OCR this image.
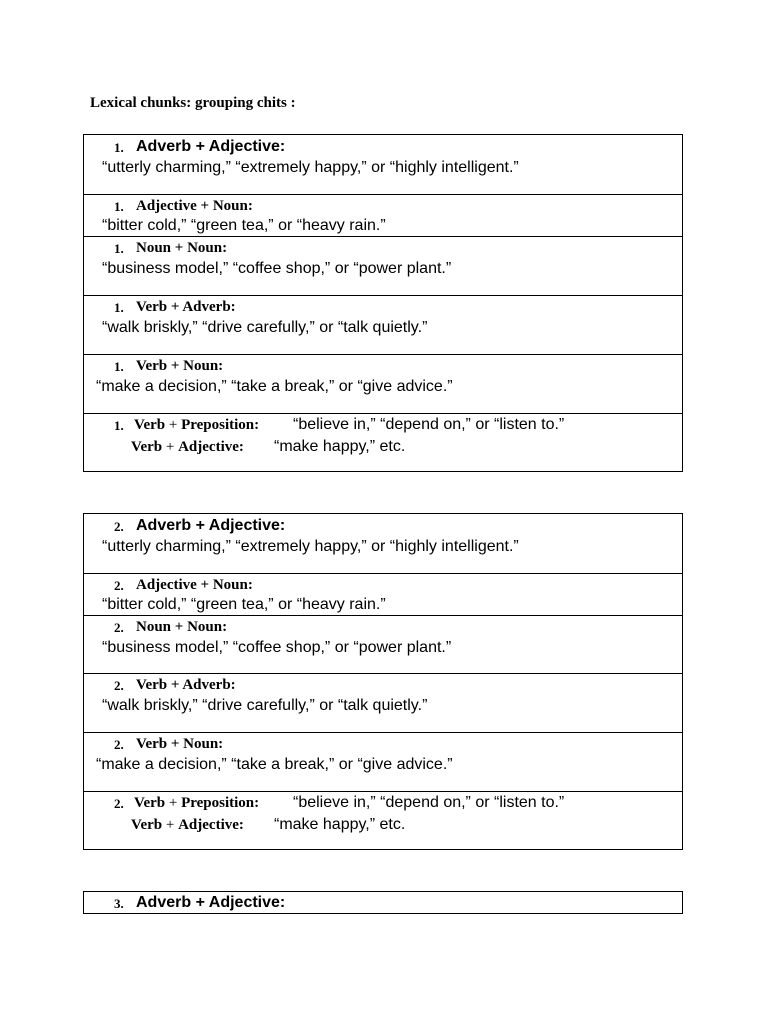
Lexical chunks: grouping chits :
1. Adverb + Adjective:
“utterly charming,” “extremely happy,” or “highly intelligent.”
1. Adjective + Noun:
“bitter cold,” “green tea,” or “heavy rain.”
1. Noun + Noun:
“business model,” “coffee shop,” or “power plant.”
1. Verb + Adverb:
“walk briskly,” “drive carefully,” or “talk quietly.”
1. Verb + Noun:
“make a decision,” “take a break,” or “give advice.”
1. Verb + Preposition: “believe in,” “depend on,” or “listen to.”
Verb + Adjective: “make happy,” etc.
2. Adverb + Adjective:
“utterly charming,” “extremely happy,” or “highly intelligent.”
2. Adjective + Noun:
“bitter cold,” “green tea,” or “heavy rain.”
2. Noun + Noun:
“business model,” “coffee shop,” or “power plant.”
2. Verb + Adverb:
“walk briskly,” “drive carefully,” or “talk quietly.”
2. Verb + Noun:
“make a decision,” “take a break,” or “give advice.”
2. Verb + Preposition: “believe in,” “depend on,” or “listen to.”
Verb + Adjective: “make happy,” etc.
3. Adverb + Adjective:
